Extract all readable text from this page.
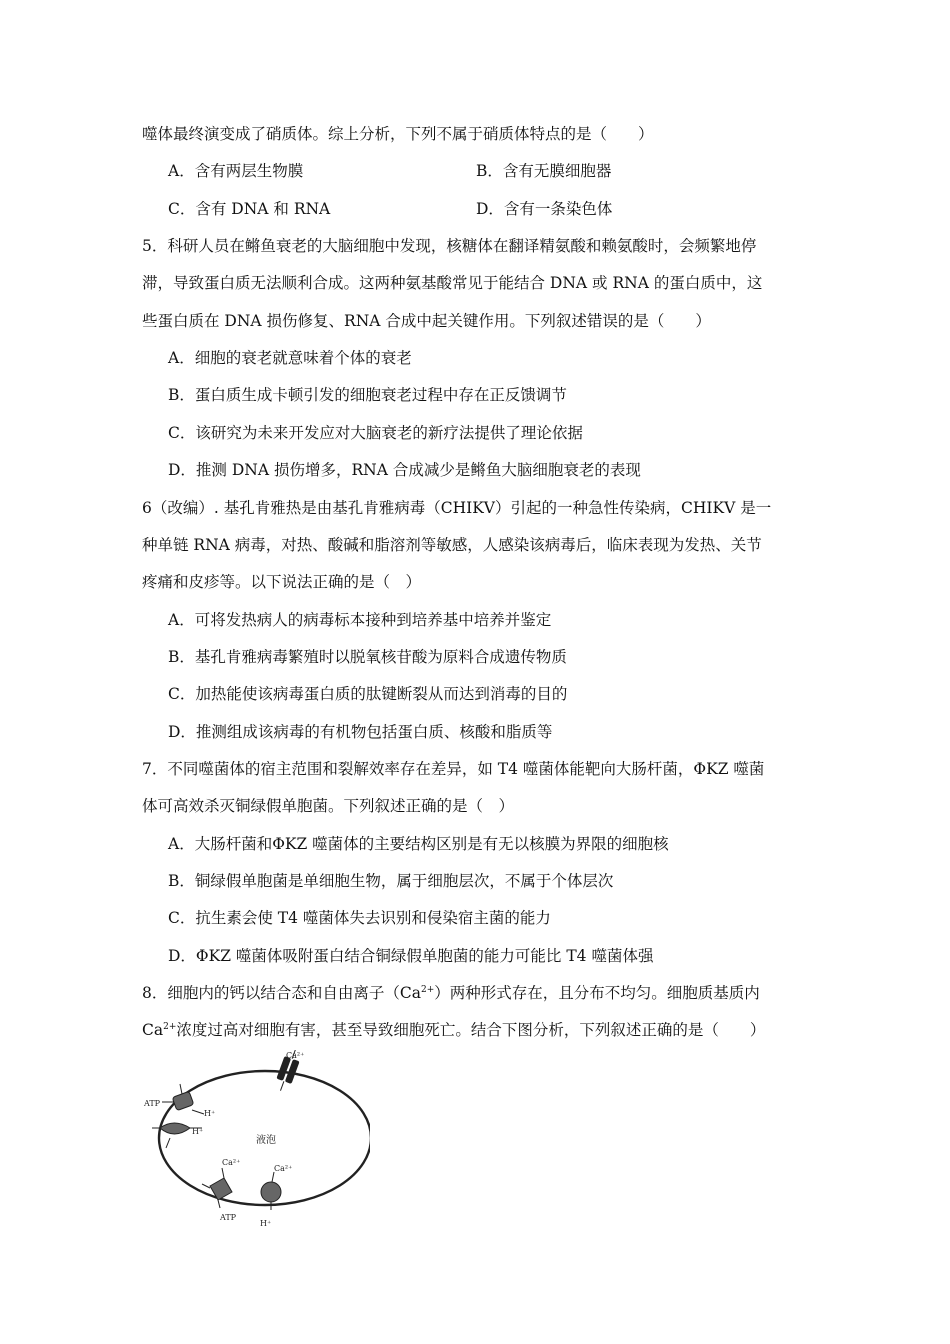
噬体最终演变成了硝质体。综上分析，下列不属于硝质体特点的是（　　）
A．含有两层生物膜	B．含有无膜细胞器
C．含有 DNA 和 RNA	D．含有一条染色体
5．科研人员在鳉鱼衰老的大脑细胞中发现，核糖体在翻译精氨酸和赖氨酸时，会频繁地停
滞，导致蛋白质无法顺利合成。这两种氨基酸常见于能结合 DNA 或 RNA 的蛋白质中，这
些蛋白质在 DNA 损伤修复、RNA 合成中起关键作用。下列叙述错误的是（　　）
A．细胞的衰老就意味着个体的衰老
B．蛋白质生成卡顿引发的细胞衰老过程中存在正反馈调节
C．该研究为未来开发应对大脑衰老的新疗法提供了理论依据
D．推测 DNA 损伤增多，RNA 合成减少是鳉鱼大脑细胞衰老的表现
6（改编）. 基孔肯雅热是由基孔肯雅病毒（CHIKV）引起的一种急性传染病，CHIKV 是一
种单链 RNA 病毒，对热、酸碱和脂溶剂等敏感，人感染该病毒后，临床表现为发热、关节
疼痛和皮疹等。以下说法正确的是（　）
A．可将发热病人的病毒标本接种到培养基中培养并鉴定
B．基孔肯雅病毒繁殖时以脱氧核苷酸为原料合成遗传物质
C．加热能使该病毒蛋白质的肽键断裂从而达到消毒的目的
D．推测组成该病毒的有机物包括蛋白质、核酸和脂质等
7．不同噬菌体的宿主范围和裂解效率存在差异，如 T4 噬菌体能靶向大肠杆菌，ΦKZ 噬菌
体可高效杀灭铜绿假单胞菌。下列叙述正确的是（　）
A．大肠杆菌和ΦKZ 噬菌体的主要结构区别是有无以核膜为界限的细胞核
B．铜绿假单胞菌是单细胞生物，属于细胞层次，不属于个体层次
C．抗生素会使 T4 噬菌体失去识别和侵染宿主菌的能力
D．ΦKZ 噬菌体吸附蛋白结合铜绿假单胞菌的能力可能比 T4 噬菌体强
8．细胞内的钙以结合态和自由离子$(Ca^{2+})$两种形式存在，且分布不均匀。细胞质基质内
$Ca^{2+}$浓度过高对细胞有害，甚至导致细胞死亡。结合下图分析，下列叙述正确的是（　　）
液泡
Ca²⁺
ATP
H⁺
H⁺
Ca²⁺
ATP
Ca²⁺
H⁺
